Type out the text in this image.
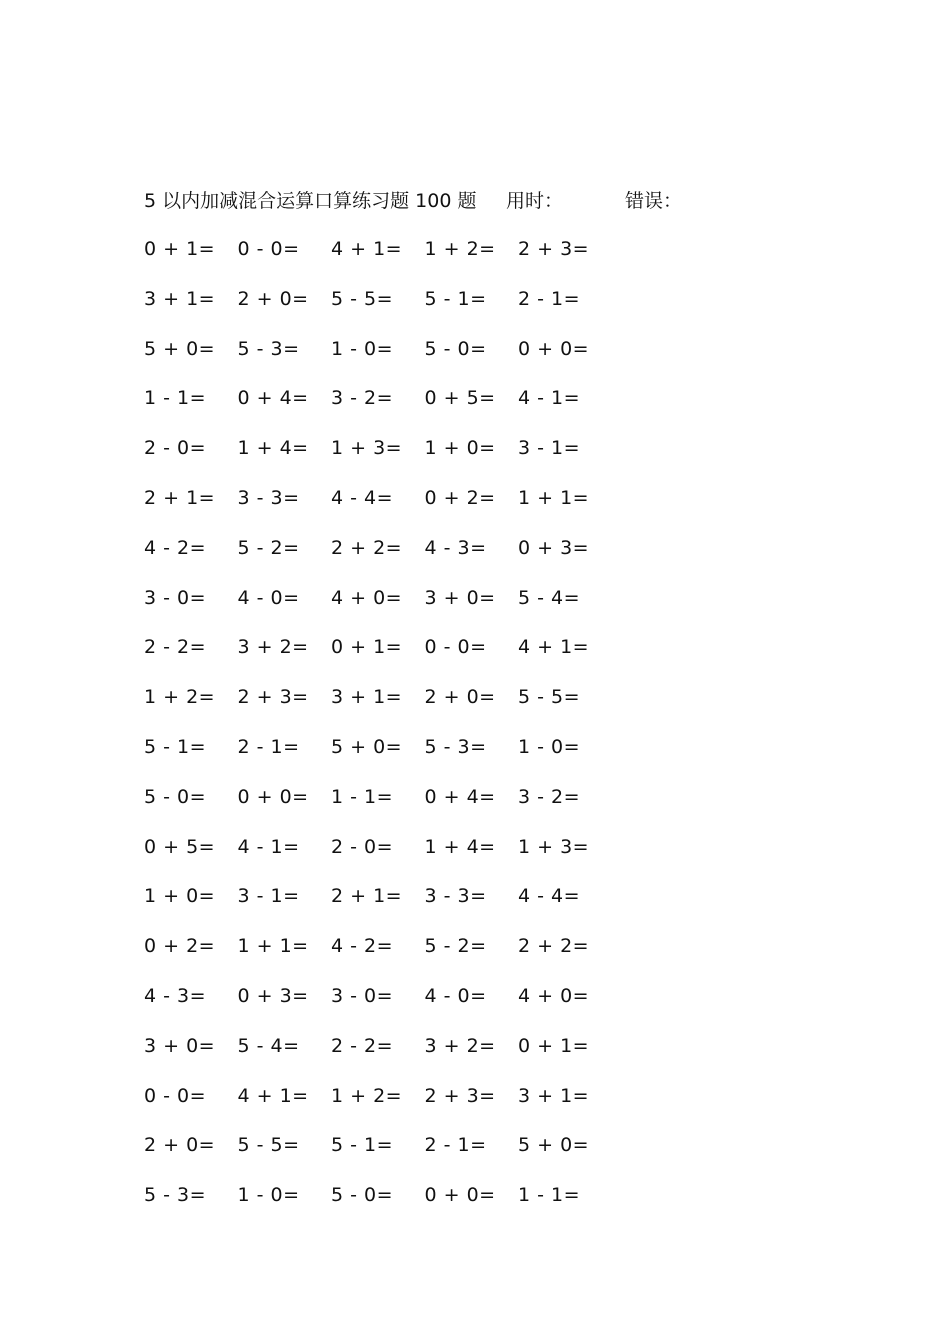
5 以内加减混合运算口算练习题 100 题 用时：	错误：
0 + 1= 0 - 0= 4 + 1= 1 + 2= 2 + 3=
3 + 1= 2 + 0= 5 - 5= 5 - 1= 2 - 1=
5 + 0= 5 - 3= 1 - 0= 5 - 0= 0 + 0=
1 - 1= 0 + 4= 3 - 2= 0 + 5= 4 - 1=
2 - 0= 1 + 4= 1 + 3= 1 + 0= 3 - 1=
2 + 1= 3 - 3= 4 - 4= 0 + 2= 1 + 1=
4 - 2= 5 - 2= 2 + 2= 4 - 3= 0 + 3=
3 - 0= 4 - 0= 4 + 0= 3 + 0= 5 - 4=
2 - 2= 3 + 2= 0 + 1= 0 - 0= 4 + 1=
1 + 2= 2 + 3= 3 + 1= 2 + 0= 5 - 5=
5 - 1= 2 - 1= 5 + 0= 5 - 3= 1 - 0=
5 - 0= 0 + 0= 1 - 1= 0 + 4= 3 - 2=
0 + 5= 4 - 1= 2 - 0= 1 + 4= 1 + 3=
1 + 0= 3 - 1= 2 + 1= 3 - 3= 4 - 4=
0 + 2= 1 + 1= 4 - 2= 5 - 2= 2 + 2=
4 - 3= 0 + 3= 3 - 0= 4 - 0= 4 + 0=
3 + 0= 5 - 4= 2 - 2= 3 + 2= 0 + 1=
0 - 0= 4 + 1= 1 + 2= 2 + 3= 3 + 1=
2 + 0= 5 - 5= 5 - 1= 2 - 1= 5 + 0=
5 - 3= 1 - 0= 5 - 0= 0 + 0= 1 - 1=
